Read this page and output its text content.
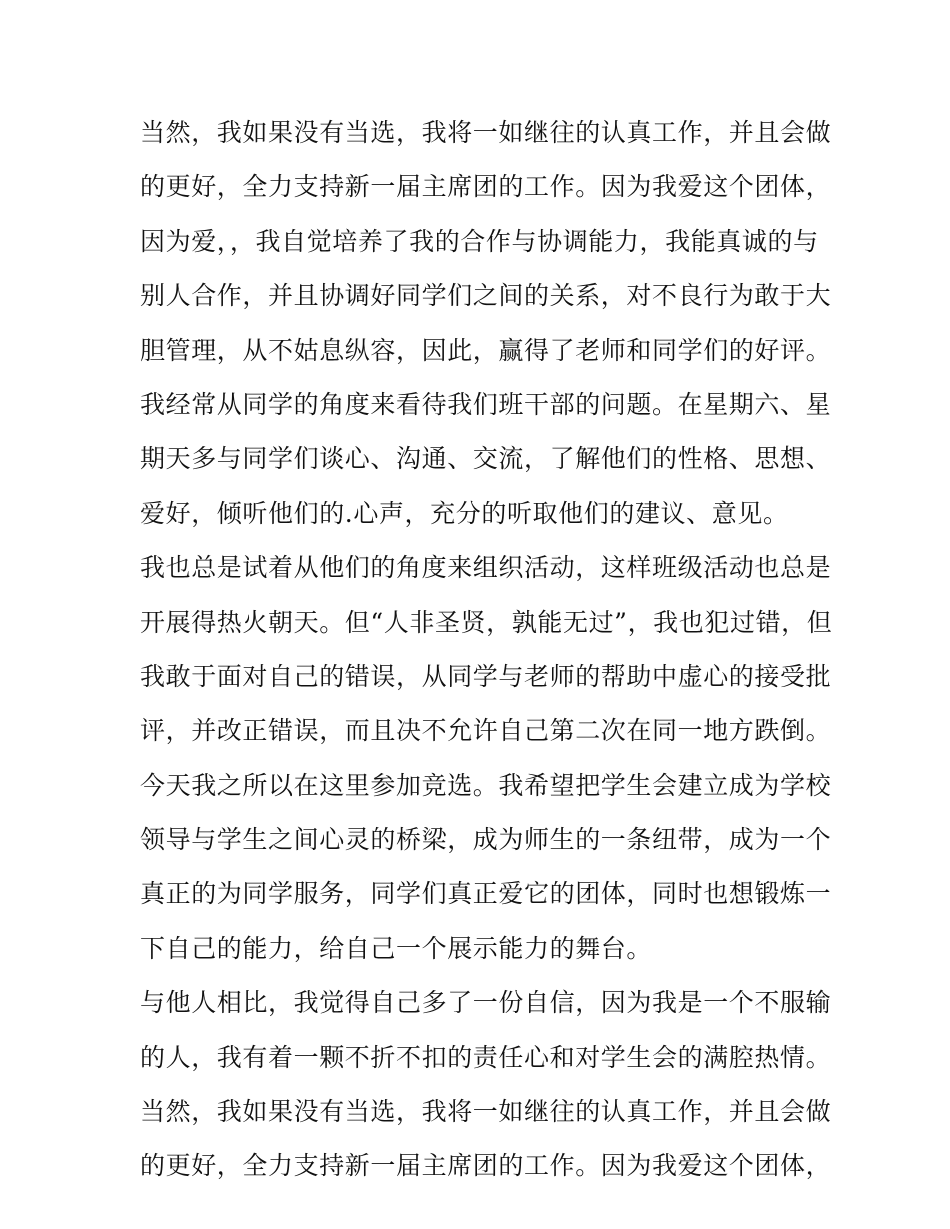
当然，我如果没有当选，我将一如继往的认真工作，并且会做
的更好，全力支持新一届主席团的工作。因为我爱这个团体，
因为爱，，我自觉培养了我的合作与协调能力，我能真诚的与
别人合作，并且协调好同学们之间的关系，对不良行为敢于大
胆管理，从不姑息纵容，因此，赢得了老师和同学们的好评。
我经常从同学的角度来看待我们班干部的问题。在星期六、星
期天多与同学们谈心、沟通、交流，了解他们的性格、思想、
爱好，倾听他们的.心声，充分的听取他们的建议、意见。
我也总是试着从他们的角度来组织活动，这样班级活动也总是
开展得热火朝天。但“人非圣贤，孰能无过”，我也犯过错，但
我敢于面对自己的错误，从同学与老师的帮助中虚心的接受批
评，并改正错误，而且决不允许自己第二次在同一地方跌倒。
今天我之所以在这里参加竞选。我希望把学生会建立成为学校
领导与学生之间心灵的桥梁，成为师生的一条纽带，成为一个
真正的为同学服务，同学们真正爱它的团体，同时也想锻炼一
下自己的能力，给自己一个展示能力的舞台。
与他人相比，我觉得自己多了一份自信，因为我是一个不服输
的人，我有着一颗不折不扣的责任心和对学生会的满腔热情。
当然，我如果没有当选，我将一如继往的认真工作，并且会做
的更好，全力支持新一届主席团的工作。因为我爱这个团体，
